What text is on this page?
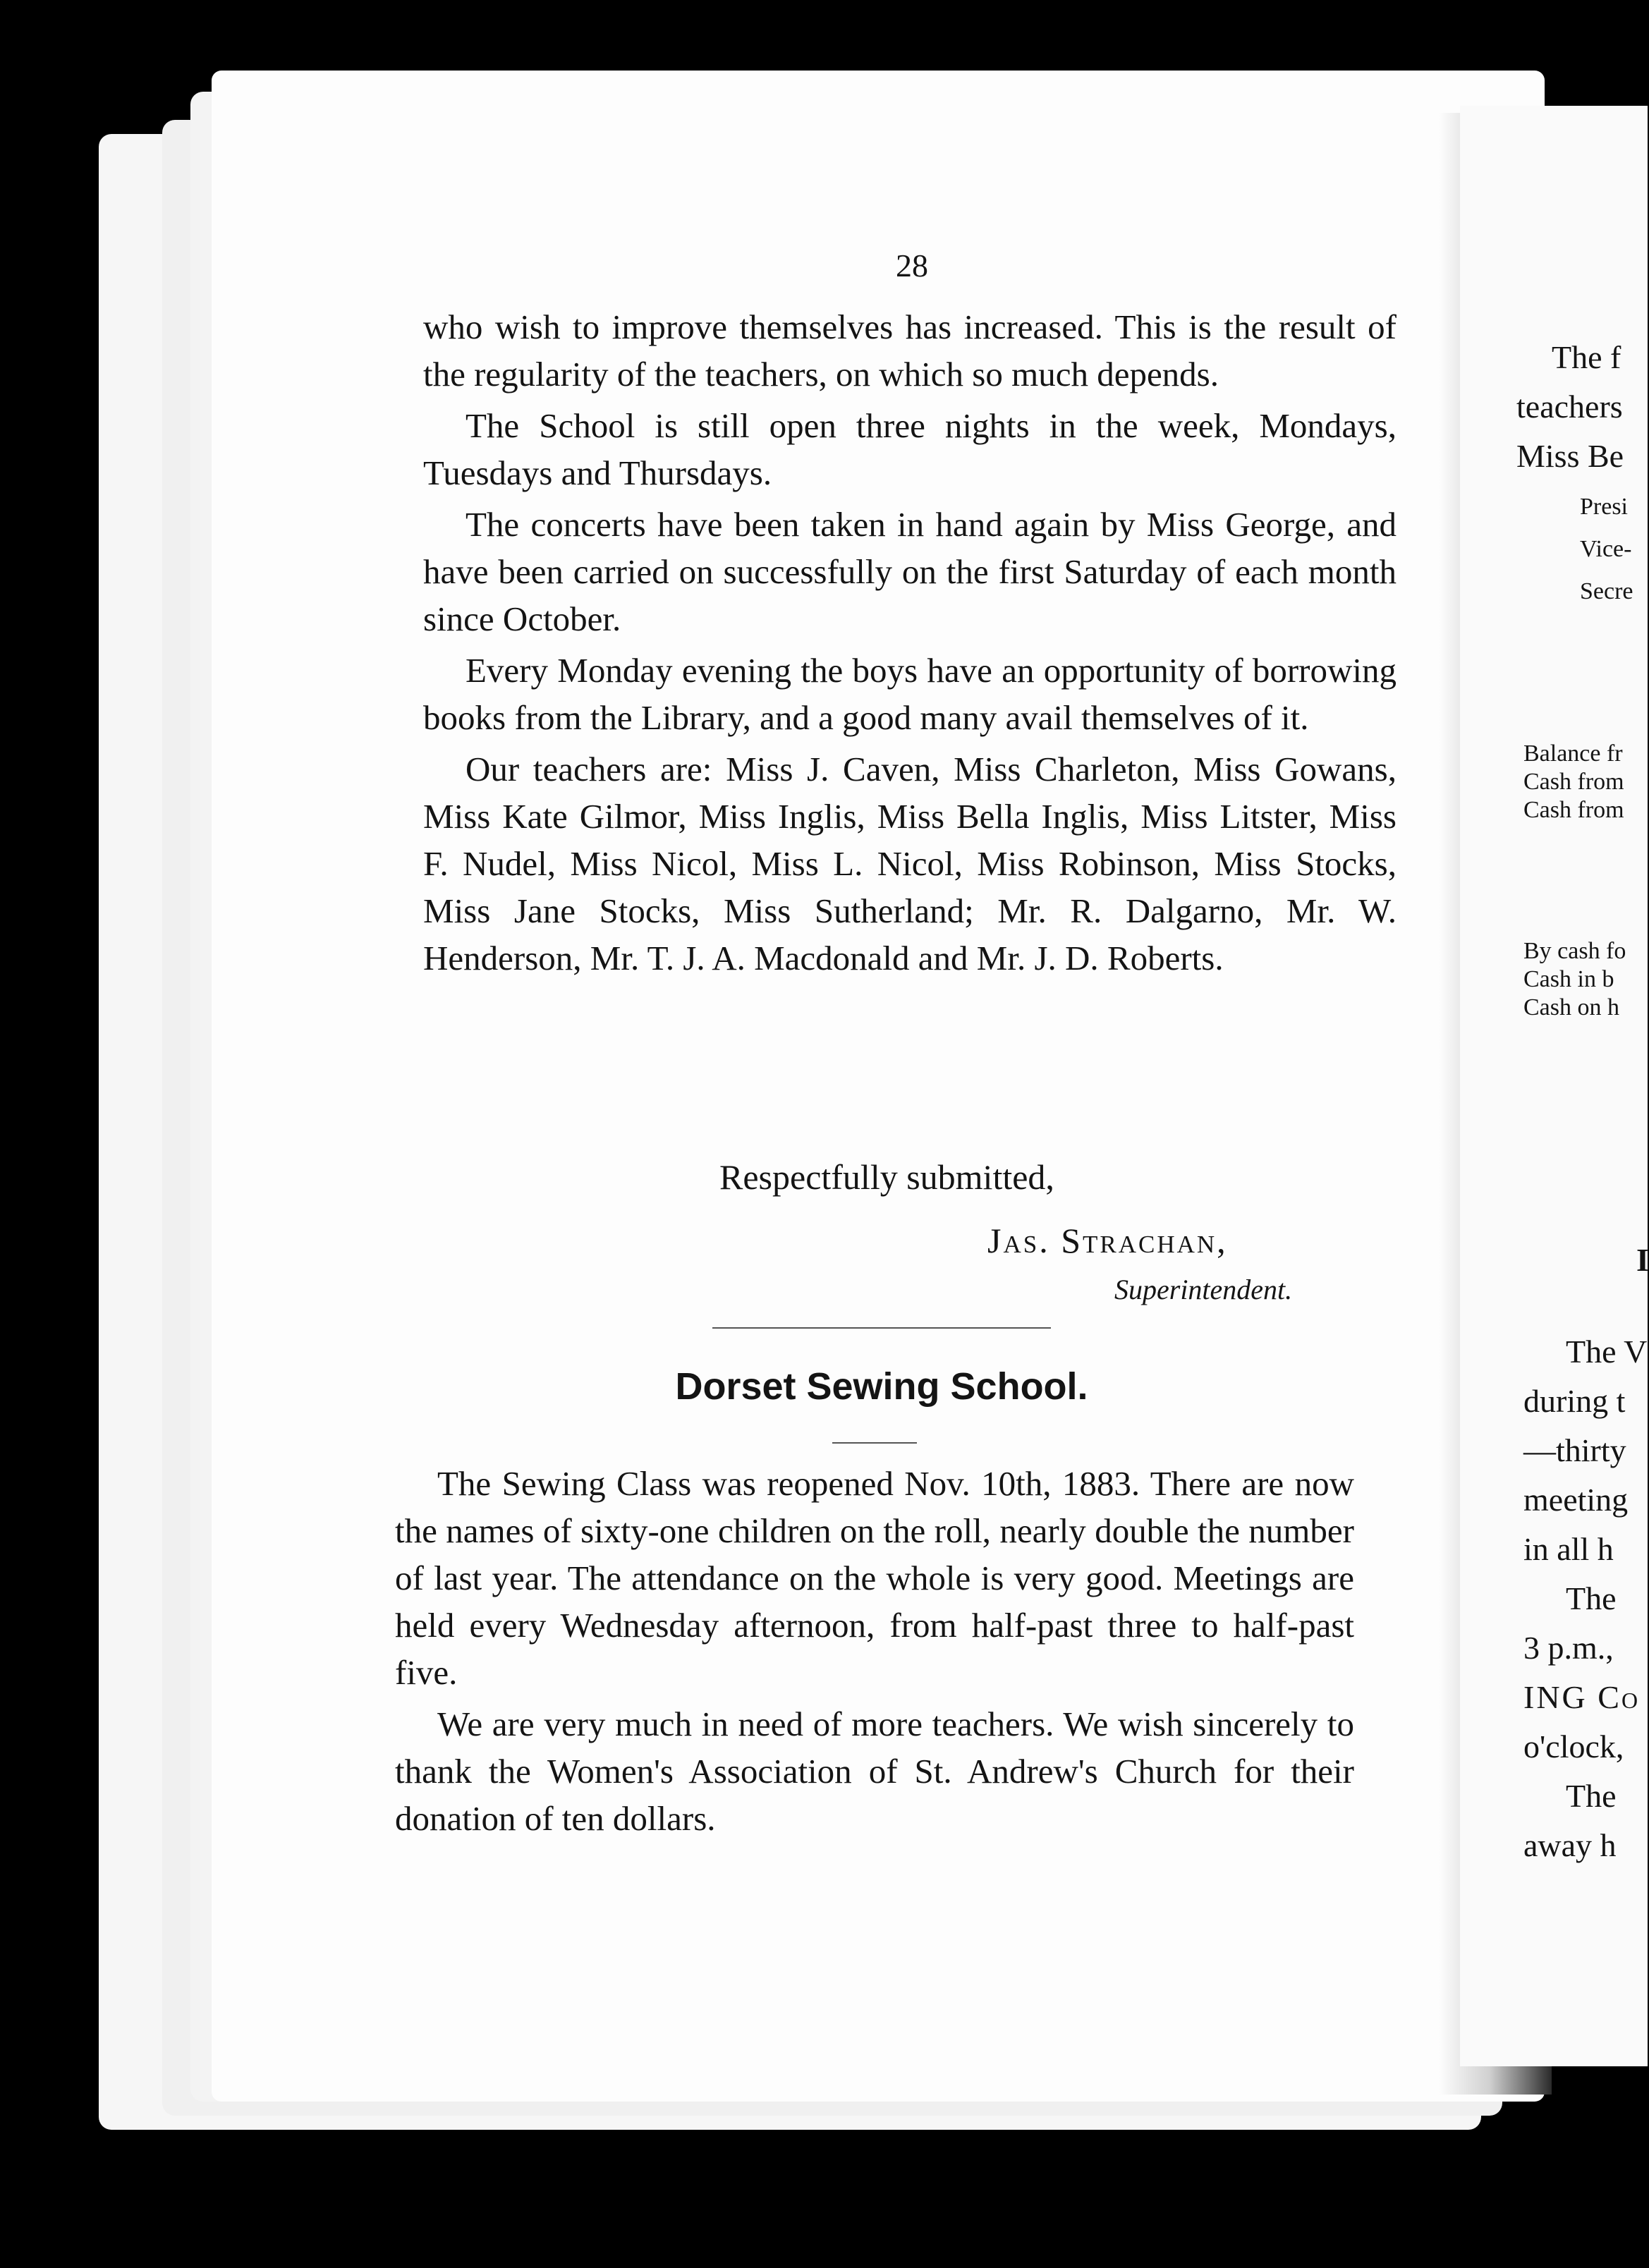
28

who wish to improve themselves has increased. This is the result of the regularity of the teachers, on which so much depends.

The School is still open three nights in the week, Mondays, Tuesdays and Thursdays.

The concerts have been taken in hand again by Miss George, and have been carried on successfully on the first Saturday of each month since October.

Every Monday evening the boys have an opportunity of borrowing books from the Library, and a good many avail themselves of it.

Our teachers are: Miss J. Caven, Miss Charleton, Miss Gowans, Miss Kate Gilmor, Miss Inglis, Miss Bella Inglis, Miss Litster, Miss F. Nudel, Miss Nicol, Miss L. Nicol, Miss Robinson, Miss Stocks, Miss Jane Stocks, Miss Sutherland; Mr. R. Dalgarno, Mr. W. Henderson, Mr. T. J. A. Macdonald and Mr. J. D. Roberts.

Respectfully submitted,
Jas. Strachan,
Superintendent.
Dorset Sewing School.

The Sewing Class was reopened Nov. 10th, 1883. There are now the names of sixty-one children on the roll, nearly double the number of last year. The attendance on the whole is very good. Meetings are held every Wednesday afternoon, from half-past three to half-past five.

We are very much in need of more teachers. We wish sincerely to thank the Women's Association of St. Andrew's Church for their donation of ten dollars.

The f
teachers
Miss Be
Presi
Vice-
Secre
Balance fr
Cash from
Cash from
By cash fo
Cash in b
Cash on h
I
The V
during t
—thirty
meeting
in all h
The
3 p.m.,
ING Co
o'clock,
The
away h
